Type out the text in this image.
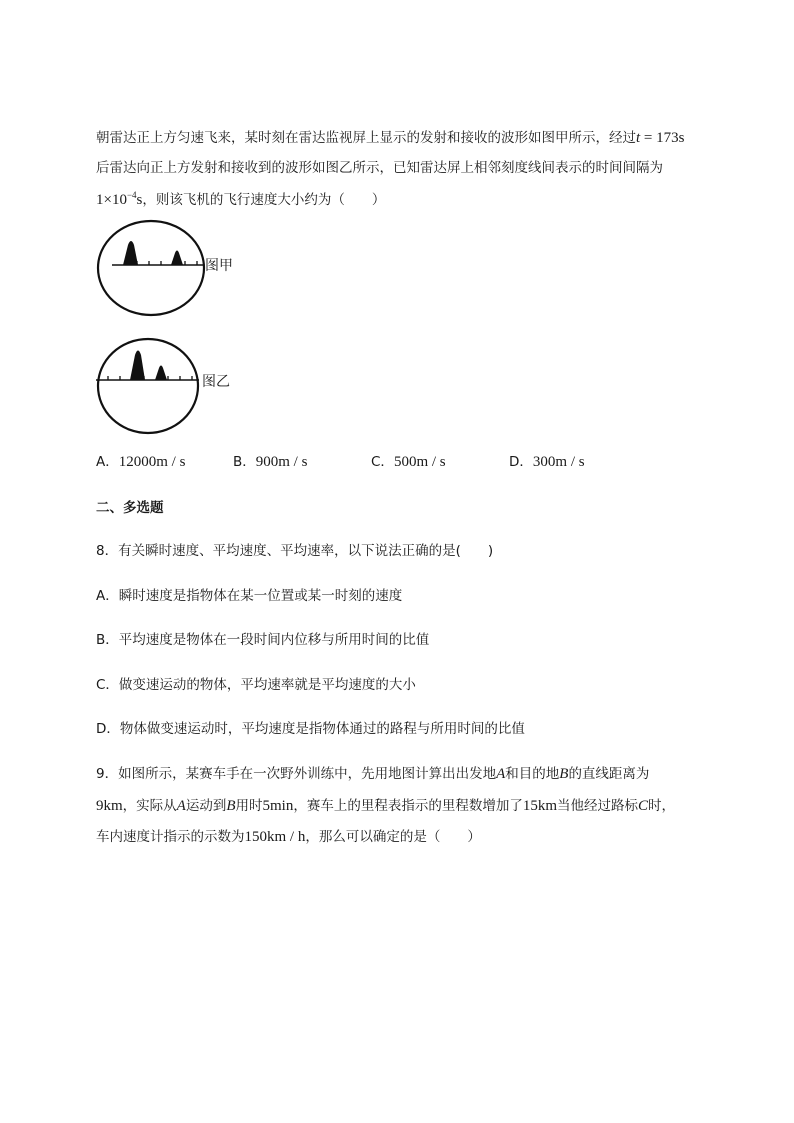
朝雷达正上方匀速飞来，某时刻在雷达监视屏上显示的发射和接收的波形如图甲所示，经过t = 173s
后雷达向正上方发射和接收到的波形如图乙所示，已知雷达屏上相邻刻度线间表示的时间间隔为
$1\times 10^{-4}s$，则该飞机的飞行速度大小约为（　　）
图甲
图乙
A．12000m / s	B．900m / s	C．500m / s	D．300m / s
二、多选题
8．有关瞬时速度、平均速度、平均速率，以下说法正确的是(　　)
A．瞬时速度是指物体在某一位置或某一时刻的速度
B．平均速度是物体在一段时间内位移与所用时间的比值
C．做变速运动的物体，平均速率就是平均速度的大小
D．物体做变速运动时，平均速度是指物体通过的路程与所用时间的比值
9．如图所示，某赛车手在一次野外训练中，先用地图计算出出发地A和目的地B的直线距离为
9km，实际从A运动到B用时5min，赛车上的里程表指示的里程数增加了15km当他经过路标C时，
车内速度计指示的示数为150km / h，那么可以确定的是（　　）
